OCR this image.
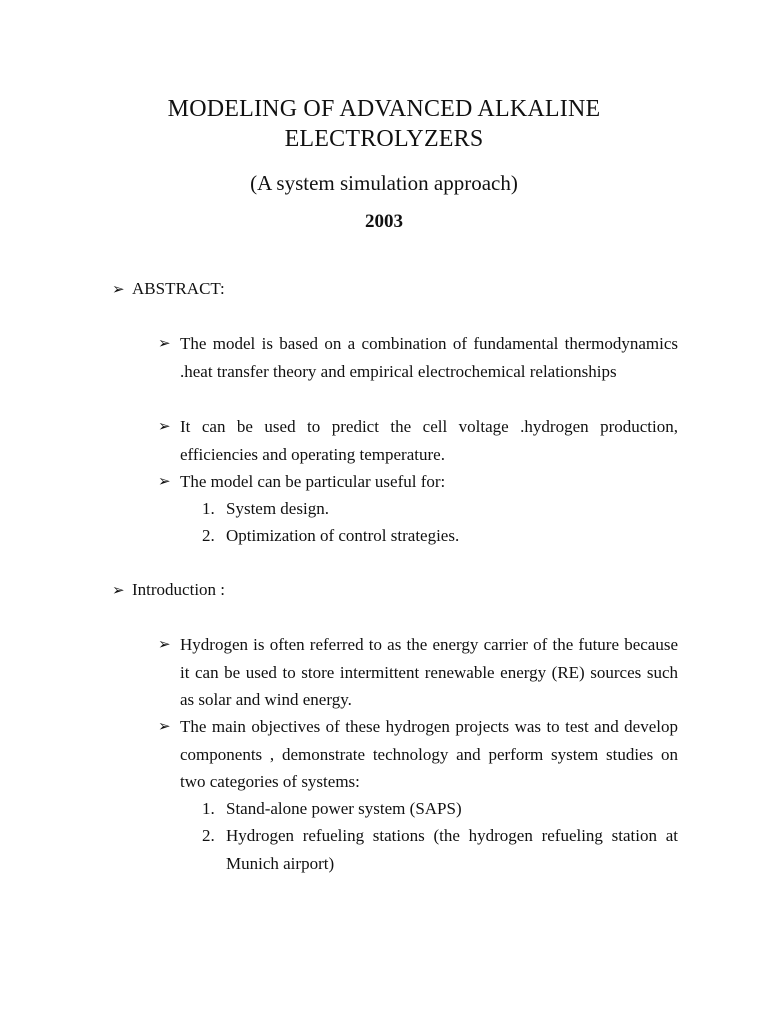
MODELING OF ADVANCED ALKALINE
ELECTROLYZERS
(A system simulation approach)
2003
➢ ABSTRACT:
➢ The model is based on a combination of fundamental thermodynamics .heat transfer theory and empirical electrochemical relationships
➢ It can be used to predict the cell voltage .hydrogen production, efficiencies and operating temperature.
➢ The model can be particular useful for:
1. System design.
2. Optimization of control strategies.
➢ Introduction :
➢ Hydrogen is often referred to as the energy carrier of the future because it can be used to store intermittent renewable energy (RE) sources such as solar and wind energy.
➢ The main objectives of these hydrogen projects was to test and develop components , demonstrate technology and perform system studies on two categories of systems:
1. Stand-alone power system (SAPS)
2. Hydrogen refueling stations (the hydrogen refueling station at Munich airport)
